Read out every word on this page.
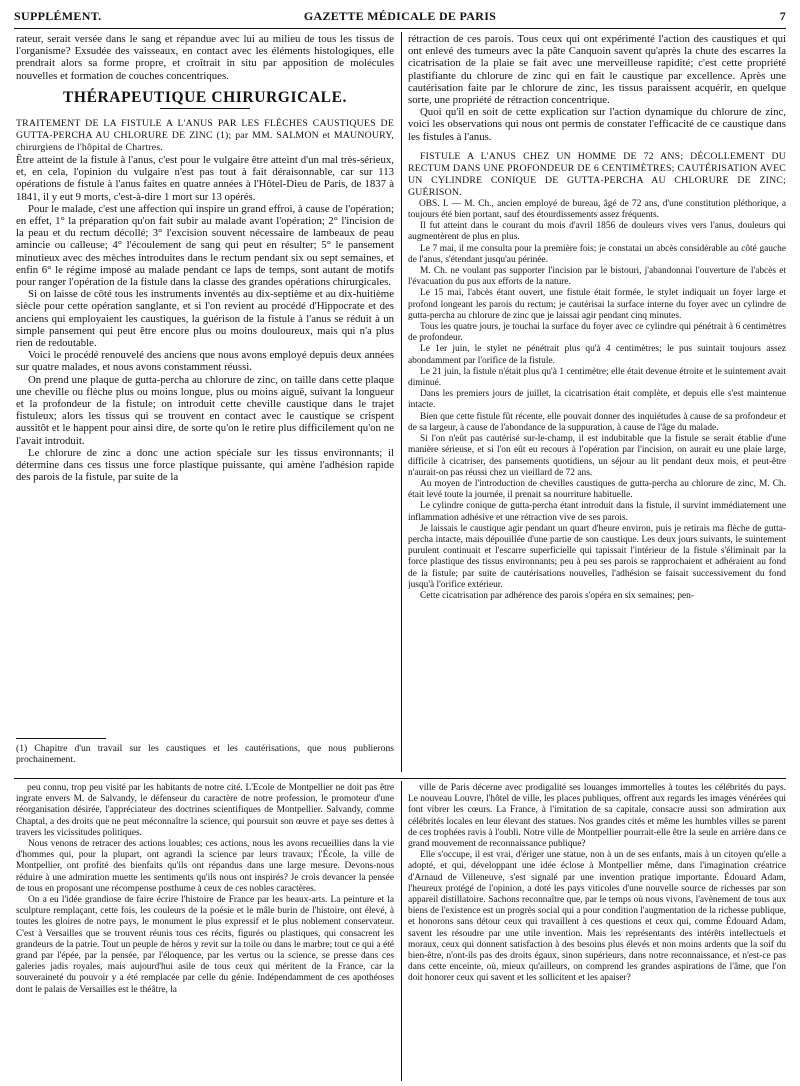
SUPPLÉMENT.	GAZETTE MÉDICALE DE PARIS	7

rateur, serait versée dans le sang et répandue avec lui au milieu de tous les tissus de l'organisme? Exsudée des vaisseaux, en contact avec les éléments histologiques, elle prendrait alors sa forme propre, et croîtrait in situ par apposition de molécules nouvelles et formation de couches concentriques.

THÉRAPEUTIQUE CHIRURGICALE.

TRAITEMENT DE LA FISTULE A L'ANUS PAR LES FLÈCHES CAUSTIQUES DE GUTTA-PERCHA AU CHLORURE DE ZINC (1); par MM. SALMON et MAUNOURY, chirurgiens de l'hôpital de Chartres.

Être atteint de la fistule à l'anus, c'est pour le vulgaire être atteint d'un mal très-sérieux, et, en cela, l'opinion du vulgaire n'est pas tout à fait déraisonnable, car sur 113 opérations de fistule à l'anus faites en quatre années à l'Hôtel-Dieu de Paris, de 1837 à 1841, il y eut 9 morts, c'est-à-dire 1 mort sur 13 opérés.

Pour le malade, c'est une affection qui inspire un grand effroi, à cause de l'opération; en effet, 1° la préparation qu'on fait subir au malade avant l'opération; 2° l'incision de la peau et du rectum décollé; 3° l'excision souvent nécessaire de lambeaux de peau amincie ou calleuse; 4° l'écoulement de sang qui peut en résulter; 5° le pansement minutieux avec des mèches introduites dans le rectum pendant six ou sept semaines, et enfin 6° le régime imposé au malade pendant ce laps de temps, sont autant de motifs pour ranger l'opération de la fistule dans la classe des grandes opérations chirurgicales.

Si on laisse de côté tous les instruments inventés au dix-septième et au dix-huitième siècle pour cette opération sanglante, et si l'on revient au procédé d'Hippocrate et des anciens qui employaient les caustiques, la guérison de la fistule à l'anus se réduit à un simple pansement qui peut être encore plus ou moins douloureux, mais qui n'a plus rien de redoutable.

Voici le procédé renouvelé des anciens que nous avons employé depuis deux années sur quatre malades, et nous avons constamment réussi.

On prend une plaque de gutta-percha au chlorure de zinc, on taille dans cette plaque une cheville ou flèche plus ou moins longue, plus ou moins aiguë, suivant la longueur et la profondeur de la fistule; on introduit cette cheville caustique dans le trajet fistuleux; alors les tissus qui se trouvent en contact avec le caustique se crispent aussitôt et le happent pour ainsi dire, de sorte qu'on le retire plus difficilement qu'on ne l'avait introduit.

Le chlorure de zinc a donc une action spéciale sur les tissus environnants; il détermine dans ces tissus une force plastique puissante, qui amène l'adhésion rapide des parois de la fistule, par suite de la

(1) Chapitre d'un travail sur les caustiques et les cautérisations, que nous publierons prochainement.

rétraction de ces parois. Tous ceux qui ont expérimenté l'action des caustiques et qui ont enlevé des tumeurs avec la pâte Canquoin savent qu'après la chute des escarres la cicatrisation de la plaie se fait avec une merveilleuse rapidité; c'est cette propriété plastifiante du chlorure de zinc qui en fait le caustique par excellence. Après une cautérisation faite par le chlorure de zinc, les tissus paraissent acquérir, en quelque sorte, une propriété de rétraction concentrique.

Quoi qu'il en soit de cette explication sur l'action dynamique du chlorure de zinc, voici les observations qui nous ont permis de constater l'efficacité de ce caustique dans les fistules à l'anus.

FISTULE A L'ANUS CHEZ UN HOMME DE 72 ANS; DÉCOLLEMENT DU RECTUM DANS UNE PROFONDEUR DE 6 CENTIMÈTRES; CAUTÉRISATION AVEC UN CYLINDRE CONIQUE DE GUTTA-PERCHA AU CHLORURE DE ZINC; GUÉRISON.

OBS. I. — M. Ch., ancien employé de bureau, âgé de 72 ans, d'une constitution pléthorique, a toujours été bien portant, sauf des étourdissements assez fréquents.

Il fut atteint dans le courant du mois d'avril 1856 de douleurs vives vers l'anus, douleurs qui augmentèrent de plus en plus.

Le 7 mai, il me consulta pour la première fois; je constatai un abcès considérable au côté gauche de l'anus, s'étendant jusqu'au périnée.

M. Ch. ne voulant pas supporter l'incision par le bistouri, j'abandonnai l'ouverture de l'abcès et l'évacuation du pus aux efforts de la nature.

Le 15 mai, l'abcès étant ouvert, une fistule était formée, le stylet indiquait un foyer large et profond longeant les parois du rectum; je cautérisai la surface interne du foyer avec un cylindre de gutta-percha au chlorure de zinc que je laissai agir pendant cinq minutes.

Tous les quatre jours, je touchai la surface du foyer avec ce cylindre qui pénétrait à 6 centimètres de profondeur.

Le 1er juin, le stylet ne pénétrait plus qu'à 4 centimètres; le pus suintait toujours assez abondamment par l'orifice de la fistule.

Le 21 juin, la fistule n'était plus qu'à 1 centimètre; elle était devenue étroite et le suintement avait diminué.

Dans les premiers jours de juillet, la cicatrisation était complète, et depuis elle s'est maintenue intacte.

Bien que cette fistule fût récente, elle pouvait donner des inquiétudes à cause de sa profondeur et de sa largeur, à cause de l'abondance de la suppuration, à cause de l'âge du malade.

Si l'on n'eût pas cautérisé sur-le-champ, il est indubitable que la fistule se serait établie d'une manière sérieuse, et si l'on eût eu recours à l'opération par l'incision, on aurait eu une plaie large, difficile à cicatriser, des pansements quotidiens, un séjour au lit pendant deux mois, et peut-être n'aurait-on pas réussi chez un vieillard de 72 ans.

Au moyen de l'introduction de chevilles caustiques de gutta-percha au chlorure de zinc, M. Ch. était levé toute la journée, il prenait sa nourriture habituelle.

Le cylindre conique de gutta-percha étant introduit dans la fistule, il survint immédiatement une inflammation adhésive et une rétraction vive de ses parois.

Je laissais le caustique agir pendant un quart d'heure environ, puis je retirais ma flèche de gutta-percha intacte, mais dépouillée d'une partie de son caustique. Les deux jours suivants, le suintement purulent continuait et l'escarre superficielle qui tapissait l'intérieur de la fistule s'éliminait par la force plastique des tissus environnants; peu à peu ses parois se rapprochaient et adhéraient au fond de la fistule; par suite de cautérisations nouvelles, l'adhésion se faisait successivement du fond jusqu'à l'orifice extérieur.

Cette cicatrisation par adhérence des parois s'opéra en six semaines; pen-

peu connu, trop peu visité par les habitants de notre cité. L'École de Montpellier ne doit pas être ingrate envers M. de Salvandy, le défenseur du caractère de notre profession, le promoteur d'une réorganisation désirée, l'appréciateur des doctrines scientifiques de Montpellier. Salvandy, comme Chaptal, a des droits que ne peut méconnaître la science, qui poursuit son œuvre et paye ses dettes à travers les vicissitudes politiques.

Nous venons de retracer des actions louables; ces actions, nous les avons recueillies dans la vie d'hommes qui, pour la plupart, ont agrandi la science par leurs travaux; l'École, la ville de Montpellier, ont profité des bienfaits qu'ils ont répandus dans une large mesure. Devons-nous réduire à une admiration muette les sentiments qu'ils nous ont inspirés? Je crois devancer la pensée de tous en proposant une récompense posthume à ceux de ces nobles caractères.

On a eu l'idée grandiose de faire écrire l'histoire de France par les beaux-arts. La peinture et la sculpture remplaçant, cette fois, les couleurs de la poésie et le mâle burin de l'histoire, ont élevé, à toutes les gloires de notre pays, le monument le plus expressif et le plus noblement conservateur. C'est à Versailles que se trouvent réunis tous ces récits, figurés ou plastiques, qui consacrent les grandeurs de la patrie. Tout un peuple de héros y revit sur la toile ou dans le marbre; tout ce qui a été grand par l'épée, par la pensée, par l'éloquence, par les vertus ou la science, se presse dans ces galeries jadis royales, mais aujourd'hui asile de tous ceux qui méritent de la France, car la souveraineté du pouvoir y a été remplacée par celle du génie. Indépendamment de ces apothéoses dont le palais de Versailles est le théâtre, la

ville de Paris décerne avec prodigalité ses louanges immortelles à toutes les célébrités du pays. Le nouveau Louvre, l'hôtel de ville, les places publiques, offrent aux regards les images vénérées qui font vibrer les cœurs. La France, à l'imitation de sa capitale, consacre aussi son admiration aux célébrités locales en leur élevant des statues. Nos grandes cités et même les humbles villes se parent de ces trophées ravis à l'oubli. Notre ville de Montpellier pourrait-elle être la seule en arrière dans ce grand mouvement de reconnaissance publique?

Elle s'occupe, il est vrai, d'ériger une statue, non à un de ses enfants, mais à un citoyen qu'elle a adopté, et qui, développant une idée éclose à Montpellier même, dans l'imagination créatrice d'Arnaud de Villeneuve, s'est signalé par une invention pratique importante. Édouard Adam, l'heureux protégé de l'opinion, a doté les pays viticoles d'une nouvelle source de richesses par son appareil distillatoire. Sachons reconnaître que, par le temps où nous vivons, l'avènement de tous aux biens de l'existence est un progrès social qui a pour condition l'augmentation de la richesse publique, et honorons sans détour ceux qui travaillent à ces questions et ceux qui, comme Édouard Adam, savent les résoudre par une utile invention. Mais les représentants des intérêts intellectuels et moraux, ceux qui donnent satisfaction à des besoins plus élevés et non moins ardents que la soif du bien-être, n'ont-ils pas des droits égaux, sinon supérieurs, dans notre reconnaissance, et n'est-ce pas dans cette enceinte, où, mieux qu'ailleurs, on comprend les grandes aspirations de l'âme, que l'on doit honorer ceux qui savent et les sollicitent et les apaiser?
